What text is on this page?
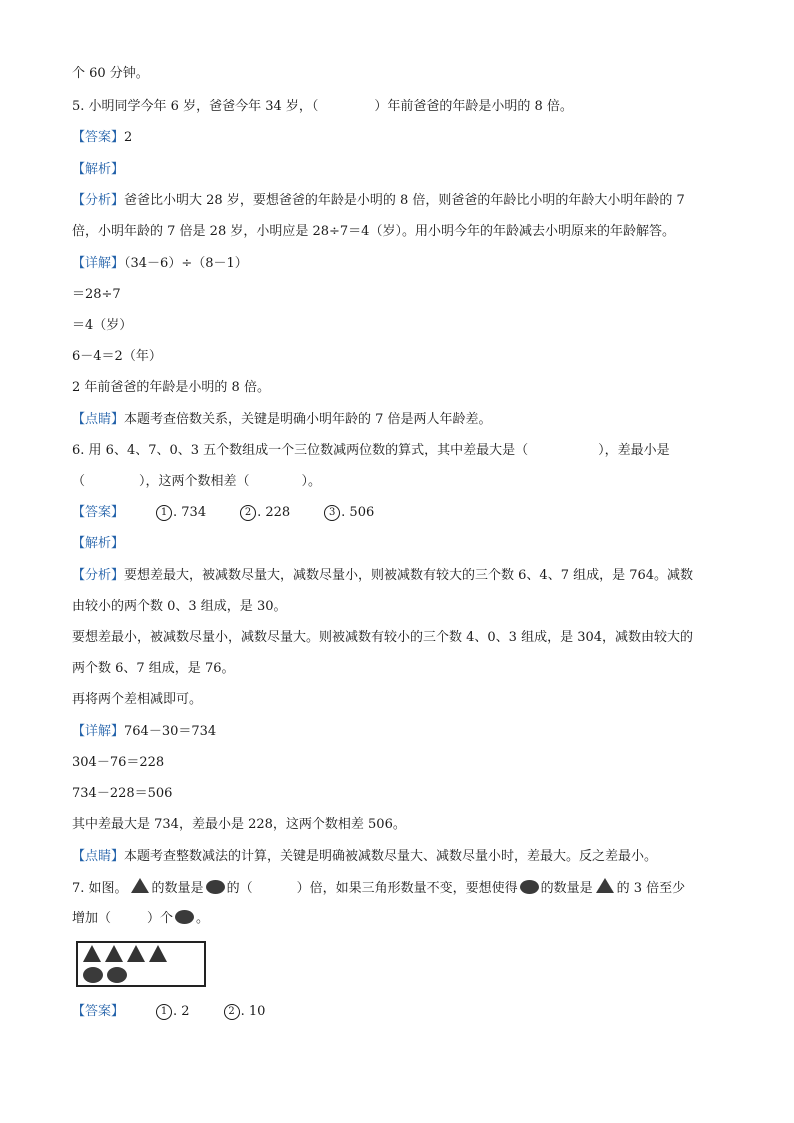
个 60 分钟。
5. 小明同学今年 6 岁，爸爸今年 34 岁，（	）年前爸爸的年龄是小明的 8 倍。
【答案】2
【解析】
【分析】爸爸比小明大 28 岁，要想爸爸的年龄是小明的 8 倍，则爸爸的年龄比小明的年龄大小明年龄的 7
倍，小明年龄的 7 倍是 28 岁，小明应是 28÷7＝4（岁）。用小明今年的年龄减去小明原来的年龄解答。
【详解】（34－6）÷（8－1）
＝28÷7
＝4（岁）
6－4＝2（年）
2 年前爸爸的年龄是小明的 8 倍。
【点睛】本题考查倍数关系，关键是明确小明年龄的 7 倍是两人年龄差。
6. 用 6、4、7、0、3 五个数组成一个三位数减两位数的算式，其中差最大是（	），差最小是
（	），这两个数相差（	）。
【答案】	1 . 734	2 . 228	3 . 506
【解析】
【分析】要想差最大，被减数尽量大，减数尽量小，则被减数有较大的三个数 6、4、7 组成，是 764。减数
由较小的两个数 0、3 组成，是 30。
要想差最小，被减数尽量小，减数尽量大。则被减数有较小的三个数 4、0、3 组成，是 304，减数由较大的
两个数 6、7 组成，是 76。
再将两个差相减即可。
【详解】764－30＝734
304－76＝228
734－228＝506
其中差最大是 734，差最小是 228，这两个数相差 506。
【点睛】本题考查整数减法的计算，关键是明确被减数尽量大、减数尽量小时，差最大。反之差最小。
7. 如图。 的数量是 的（	）倍，如果三角形数量不变，要想使得 的数量是 的 3 倍至少
增加（	）个 。
【答案】	1 . 2	2 . 10
